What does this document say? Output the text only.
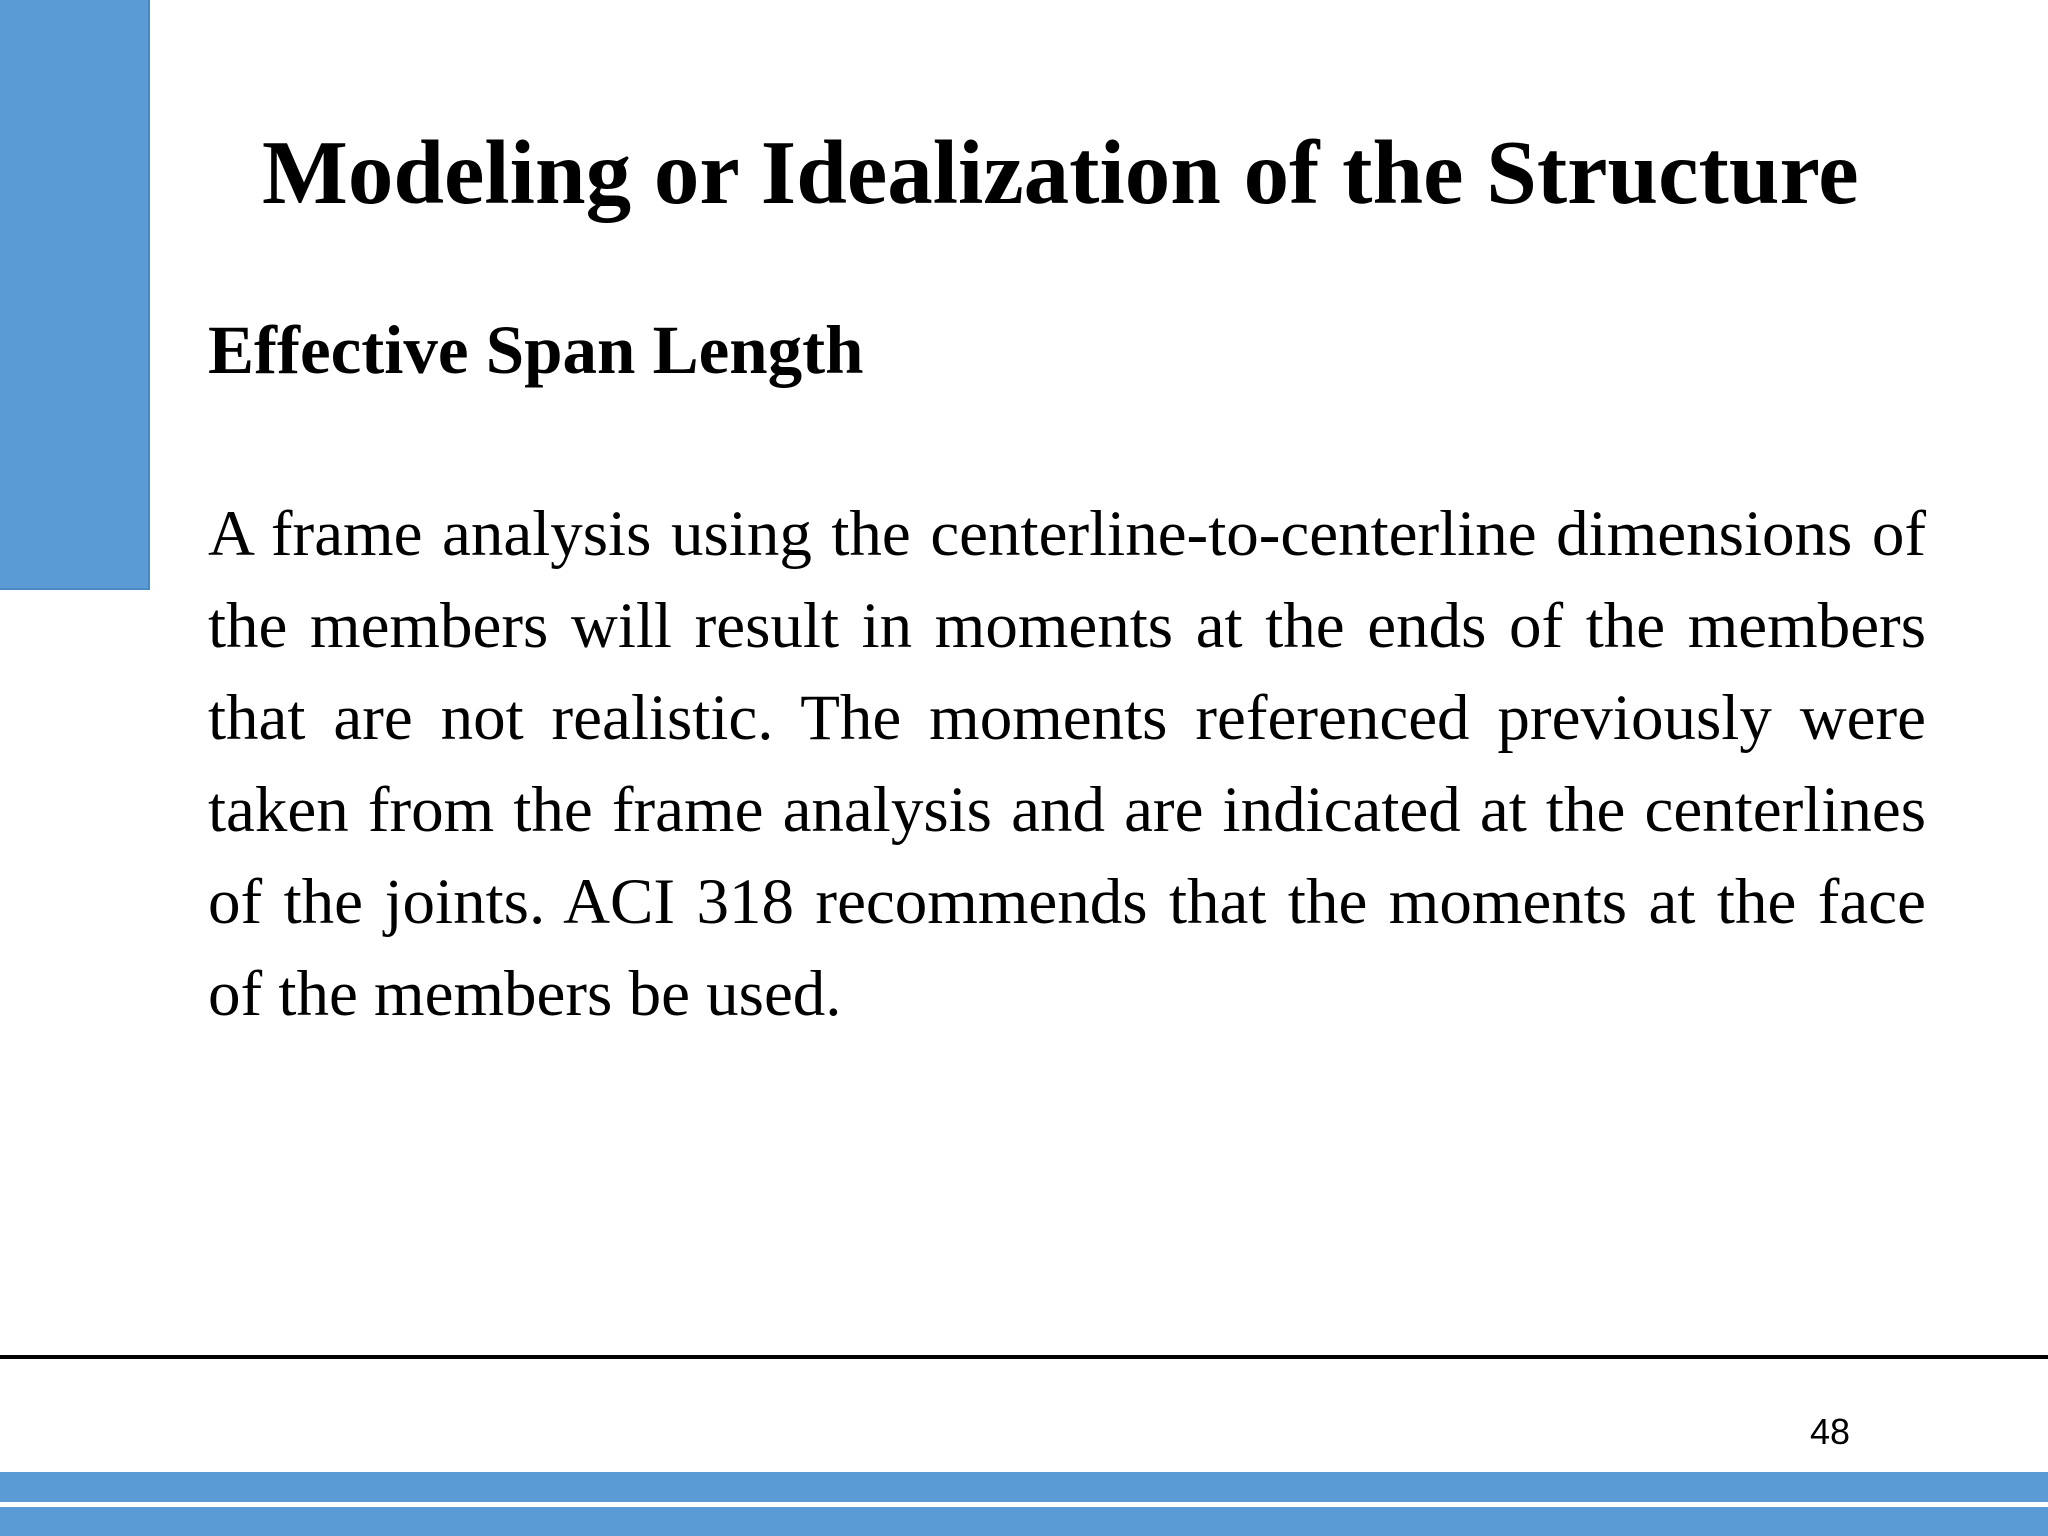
Modeling or Idealization of the Structure
Effective Span Length

A frame analysis using the centerline-to-centerline dimensions of the members will result in moments at the ends of the members that are not realistic. The moments referenced previously were taken from the frame analysis and are indicated at the centerlines of the joints. ACI 318 recommends that the moments at the face of the members be used.

48
